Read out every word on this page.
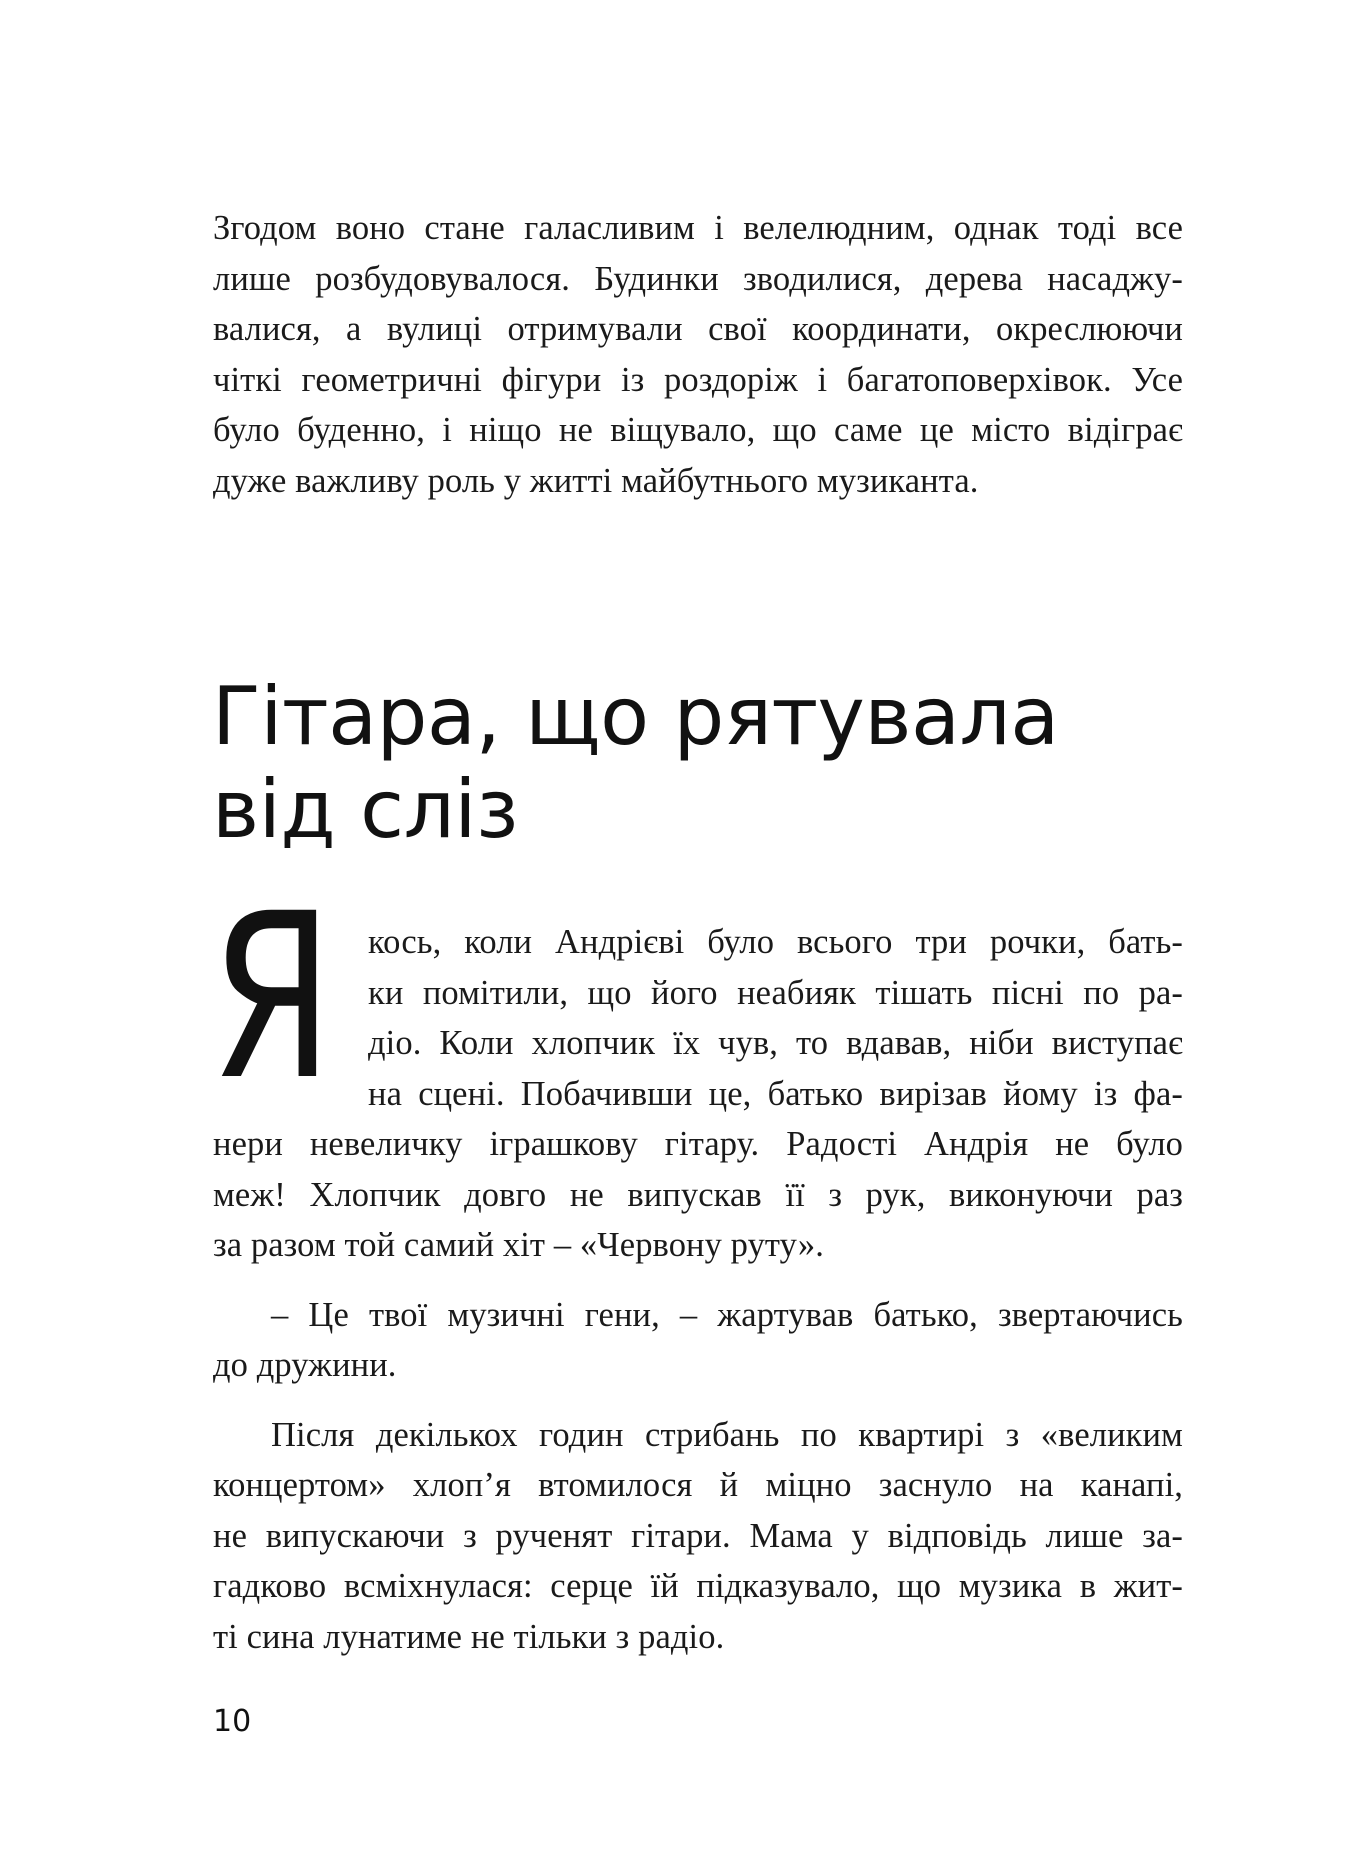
Згодом воно стане галасливим і велелюдним, однак тоді все
лише розбудовувалося. Будинки зводилися, дерева насаджу-
валися, а вулиці отримували свої координати, окреслюючи
чіткі геометричні фігури із роздоріж і багатоповерхівок. Усе
було буденно, і ніщо не віщувало, що саме це місто відіграє
дуже важливу роль у житті майбутнього музиканта.
Гітара, що рятувала
від сліз
Я кось, коли Андрієві було всього три рочки, бать-
ки помітили, що його неабияк тішать пісні по ра-
діо. Коли хлопчик їх чув, то вдавав, ніби виступає
на сцені. Побачивши це, батько вирізав йому із фа-
нери невеличку іграшкову гітару. Радості Андрія не було
меж! Хлопчик довго не випускав її з рук, виконуючи раз
за разом той самий хіт – «Червону руту».
– Це твої музичні гени, – жартував батько, звертаючись
до дружини.
Після декількох годин стрибань по квартирі з «великим
концертом» хлоп’я втомилося й міцно заснуло на канапі,
не випускаючи з рученят гітари. Мама у відповідь лише за-
гадково всміхнулася: серце їй підказувало, що музика в жит-
ті сина лунатиме не тільки з радіо.
10
